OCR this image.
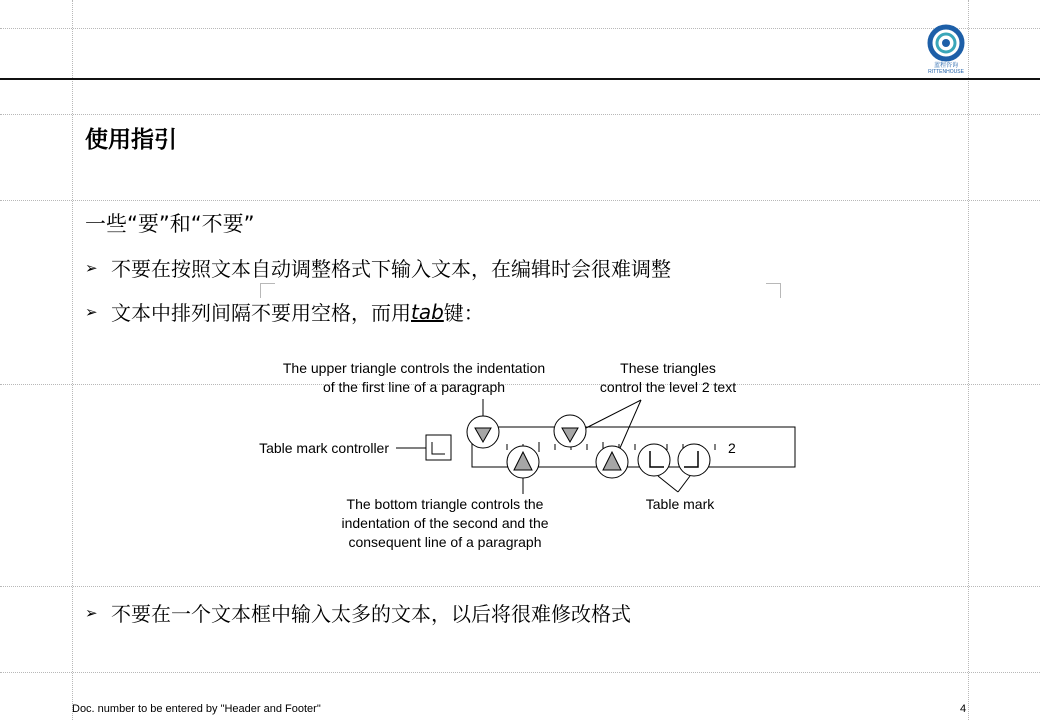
蓝程咨询
RITTENHOUSE
使用指引
一些“要”和“不要”
➢ 不要在按照文本自动调整格式下输入文本，在编辑时会很难调整
➢ 文本中排列间隔不要用空格，而用 tab 键：
➢ 不要在一个文本框中输入太多的文本，以后将很难修改格式
The upper triangle controls the indentation
of the first line of a paragraph
These triangles
control the level 2 text
Table mark controller
The bottom triangle controls the
indentation of the second and the
consequent line of a paragraph
Table mark
2
Doc. number to be entered by "Header and Footer"	4
